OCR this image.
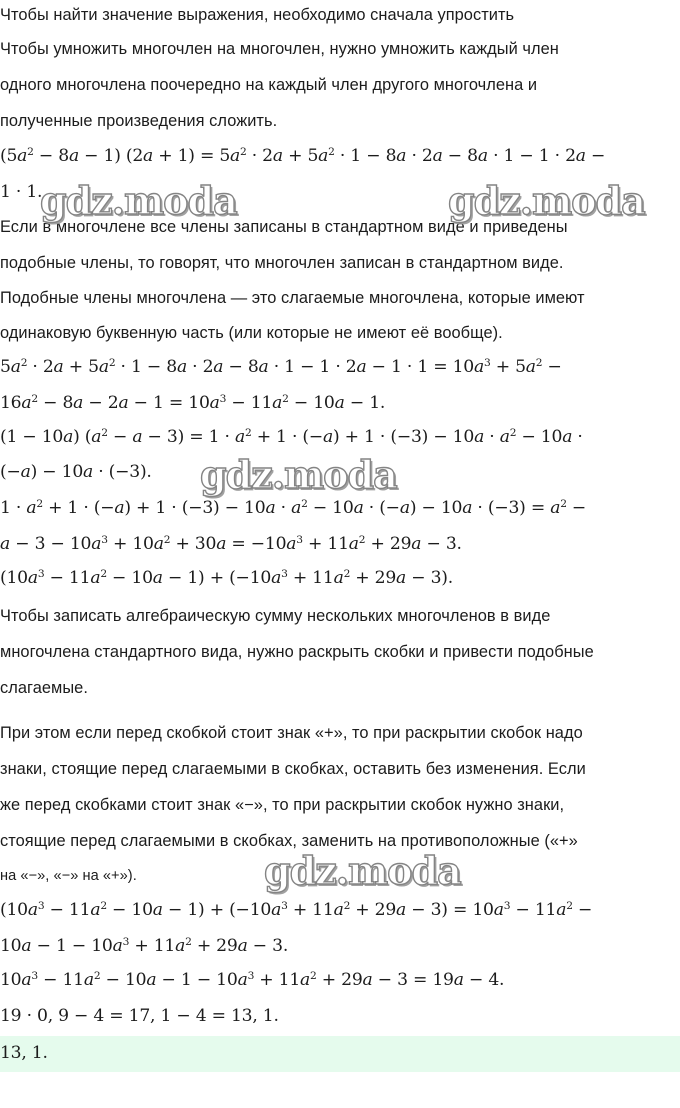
Чтобы найти значение выражения, необходимо сначала упростить
Чтобы умножить многочлен на многочлен, нужно умножить каждый член
одного многочлена поочередно на каждый член другого многочлена и
полученные произведения сложить.
$(5a^2 - 8a - 1) (2a + 1) = 5a^2 \cdot 2a + 5a^2 \cdot 1 - 8a \cdot 2a - 8a \cdot 1 - 1 \cdot 2a$ −
1 · 1.
Если в многочлене все члены записаны в стандартном виде и приведены
подобные члены, то говорят, что многочлен записан в стандартном виде.
Подобные члены многочлена — это слагаемые многочлена, которые имеют
одинаковую буквенную часть (или которые не имеют её вообще).
$5a^2 \cdot 2a + 5a^2 \cdot 1 - 8a \cdot 2a - 8a \cdot 1 - 1 \cdot 2a - 1 \cdot 1 = 10a^3 + 5a^2$ −
$16a^2 - 8a - 2a - 1 = 10a^3 - 11a^2 - 10a - 1$.
(1 − 10a) $(a^2 - a - 3) = 1 \cdot a^2 + 1 \cdot (-a) + 1 \cdot (-3) - 10a \cdot a^2 - 10a$ ·
(−a) − 10a · (−3).
$1 \cdot a^2 + 1 \cdot (-a) + 1 \cdot (-3) - 10a \cdot a^2 - 10a \cdot (-a) - 10a \cdot (-3) = a^2$ −
$a - 3 - 10a^3 + 10a^2 + 30a = -10a^3 + 11a^2 + 29a - 3$.
$(10a^3 - 11a^2 - 10a - 1) + (-10a^3 + 11a^2 + 29a - 3)$.
Чтобы записать алгебраическую сумму нескольких многочленов в виде
многочлена стандартного вида, нужно раскрыть скобки и привести подобные
слагаемые.
При этом если перед скобкой стоит знак «+», то при раскрытии скобок надо
знаки, стоящие перед слагаемыми в скобках, оставить без изменения. Если
же перед скобками стоит знак «−», то при раскрытии скобок нужно знаки,
стоящие перед слагаемыми в скобках, заменить на противоположные («+»
на «−», «−» на «+»).
$(10a^3 - 11a^2 - 10a - 1) + (-10a^3 + 11a^2 + 29a - 3) = 10a^3 - 11a^2$ −
$10a - 1 - 10a^3 + 11a^2 + 29a - 3$.
$10a^3 - 11a^2 - 10a - 1 - 10a^3 + 11a^2 + 29a - 3 = 19a - 4$.
19 · 0, 9 − 4 = 17, 1 − 4 = 13, 1.
13, 1.
gdz.moda	gdz.moda
gdz.moda
gdz.moda
